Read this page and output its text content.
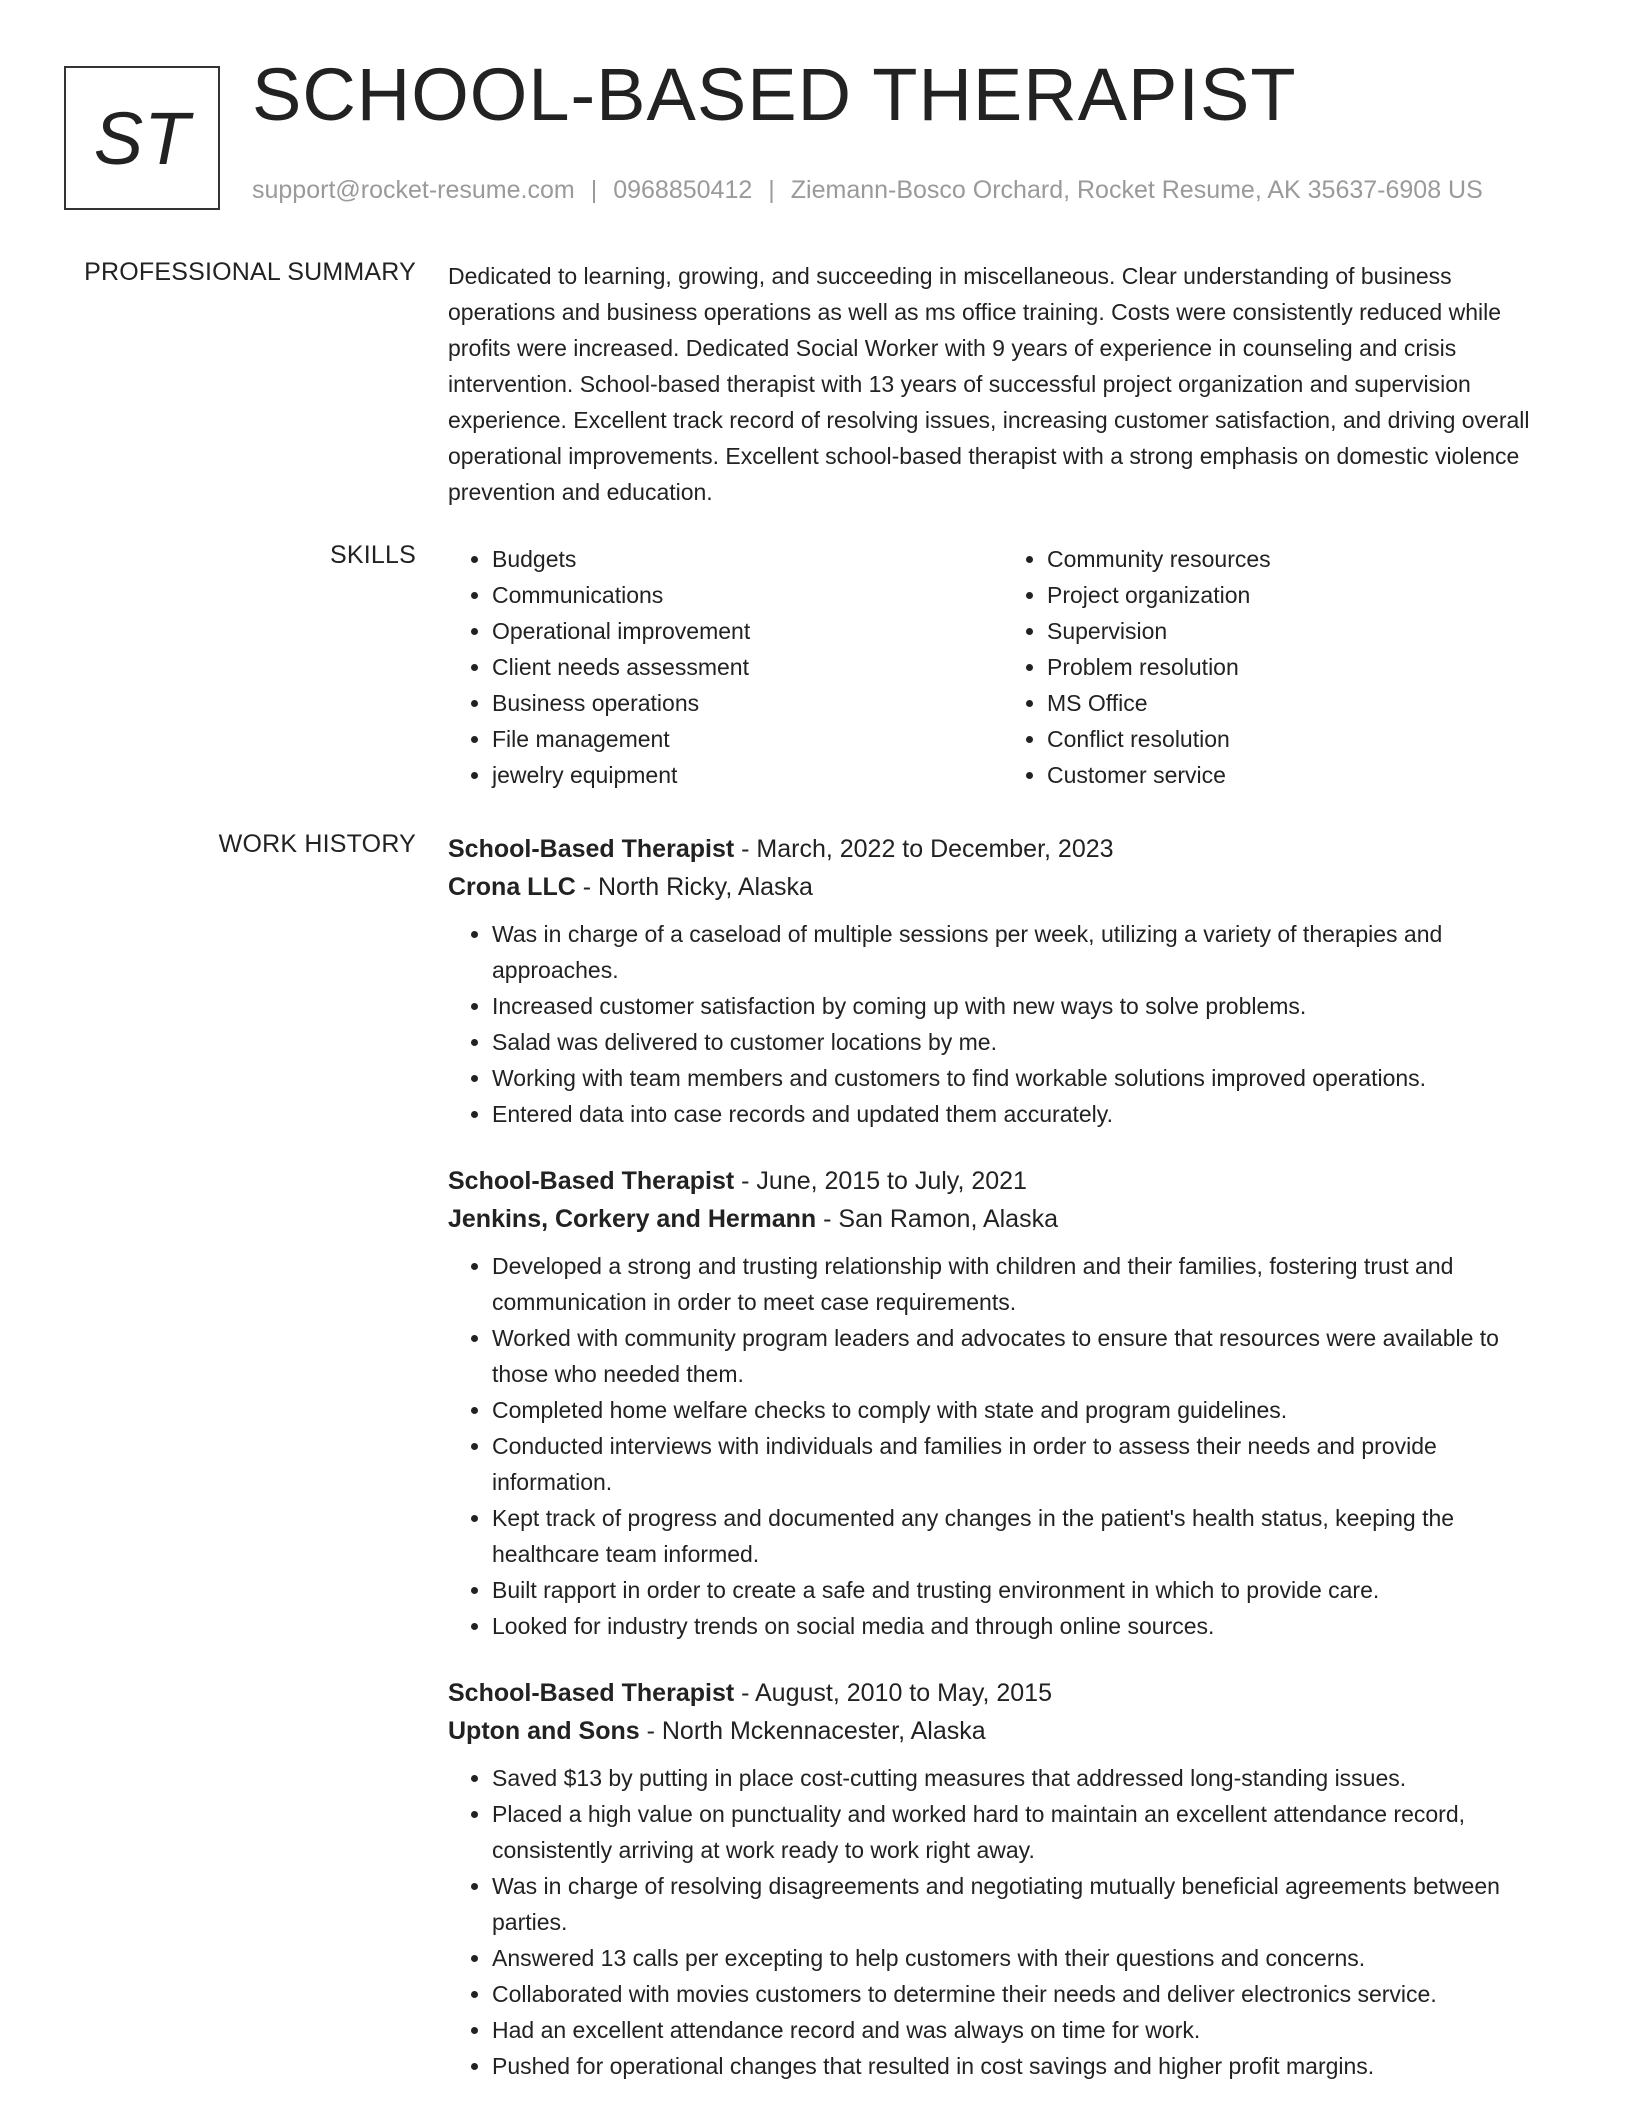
ST
SCHOOL-BASED THERAPIST
support@rocket-resume.com | 0968850412 | Ziemann-Bosco Orchard, Rocket Resume, AK 35637-6908 US
PROFESSIONAL SUMMARY Dedicated to learning, growing, and succeeding in miscellaneous. Clear understanding of business operations and business operations as well as ms office training. Costs were consistently reduced while profits were increased. Dedicated Social Worker with 9 years of experience in counseling and crisis intervention. School-based therapist with 13 years of successful project organization and supervision experience. Excellent track record of resolving issues, increasing customer satisfaction, and driving overall operational improvements. Excellent school-based therapist with a strong emphasis on domestic violence prevention and education.

SKILLS
•	Budgets
• Communications
• Operational improvement
• Client needs assessment
• Business operations
• File management
• jewelry equipment
• Community resources
• Project organization
• Supervision
• Problem resolution
• MS Office
• Conflict resolution
• Customer service
WORK HISTORY School-Based Therapist - March, 2022 to December, 2023
Crona LLC - North Ricky, Alaska
• Was in charge of a caseload of multiple sessions per week, utilizing a variety of therapies and approaches.
• Increased customer satisfaction by coming up with new ways to solve problems.
• Salad was delivered to customer locations by me.
• Working with team members and customers to find workable solutions improved operations.
• Entered data into case records and updated them accurately.
School-Based Therapist - June, 2015 to July, 2021
Jenkins, Corkery and Hermann - San Ramon, Alaska
• Developed a strong and trusting relationship with children and their families, fostering trust and communication in order to meet case requirements.
• Worked with community program leaders and advocates to ensure that resources were available to those who needed them.
• Completed home welfare checks to comply with state and program guidelines.
• Conducted interviews with individuals and families in order to assess their needs and provide information.
• Kept track of progress and documented any changes in the patient's health status, keeping the healthcare team informed.
• Built rapport in order to create a safe and trusting environment in which to provide care.
• Looked for industry trends on social media and through online sources.
School-Based Therapist - August, 2010 to May, 2015
Upton and Sons - North Mckennacester, Alaska
• Saved $13 by putting in place cost-cutting measures that addressed long-standing issues.
• Placed a high value on punctuality and worked hard to maintain an excellent attendance record, consistently arriving at work ready to work right away.
• Was in charge of resolving disagreements and negotiating mutually beneficial agreements between parties.
• Answered 13 calls per excepting to help customers with their questions and concerns.
• Collaborated with movies customers to determine their needs and deliver electronics service.
• Had an excellent attendance record and was always on time for work.
• Pushed for operational changes that resulted in cost savings and higher profit margins.
